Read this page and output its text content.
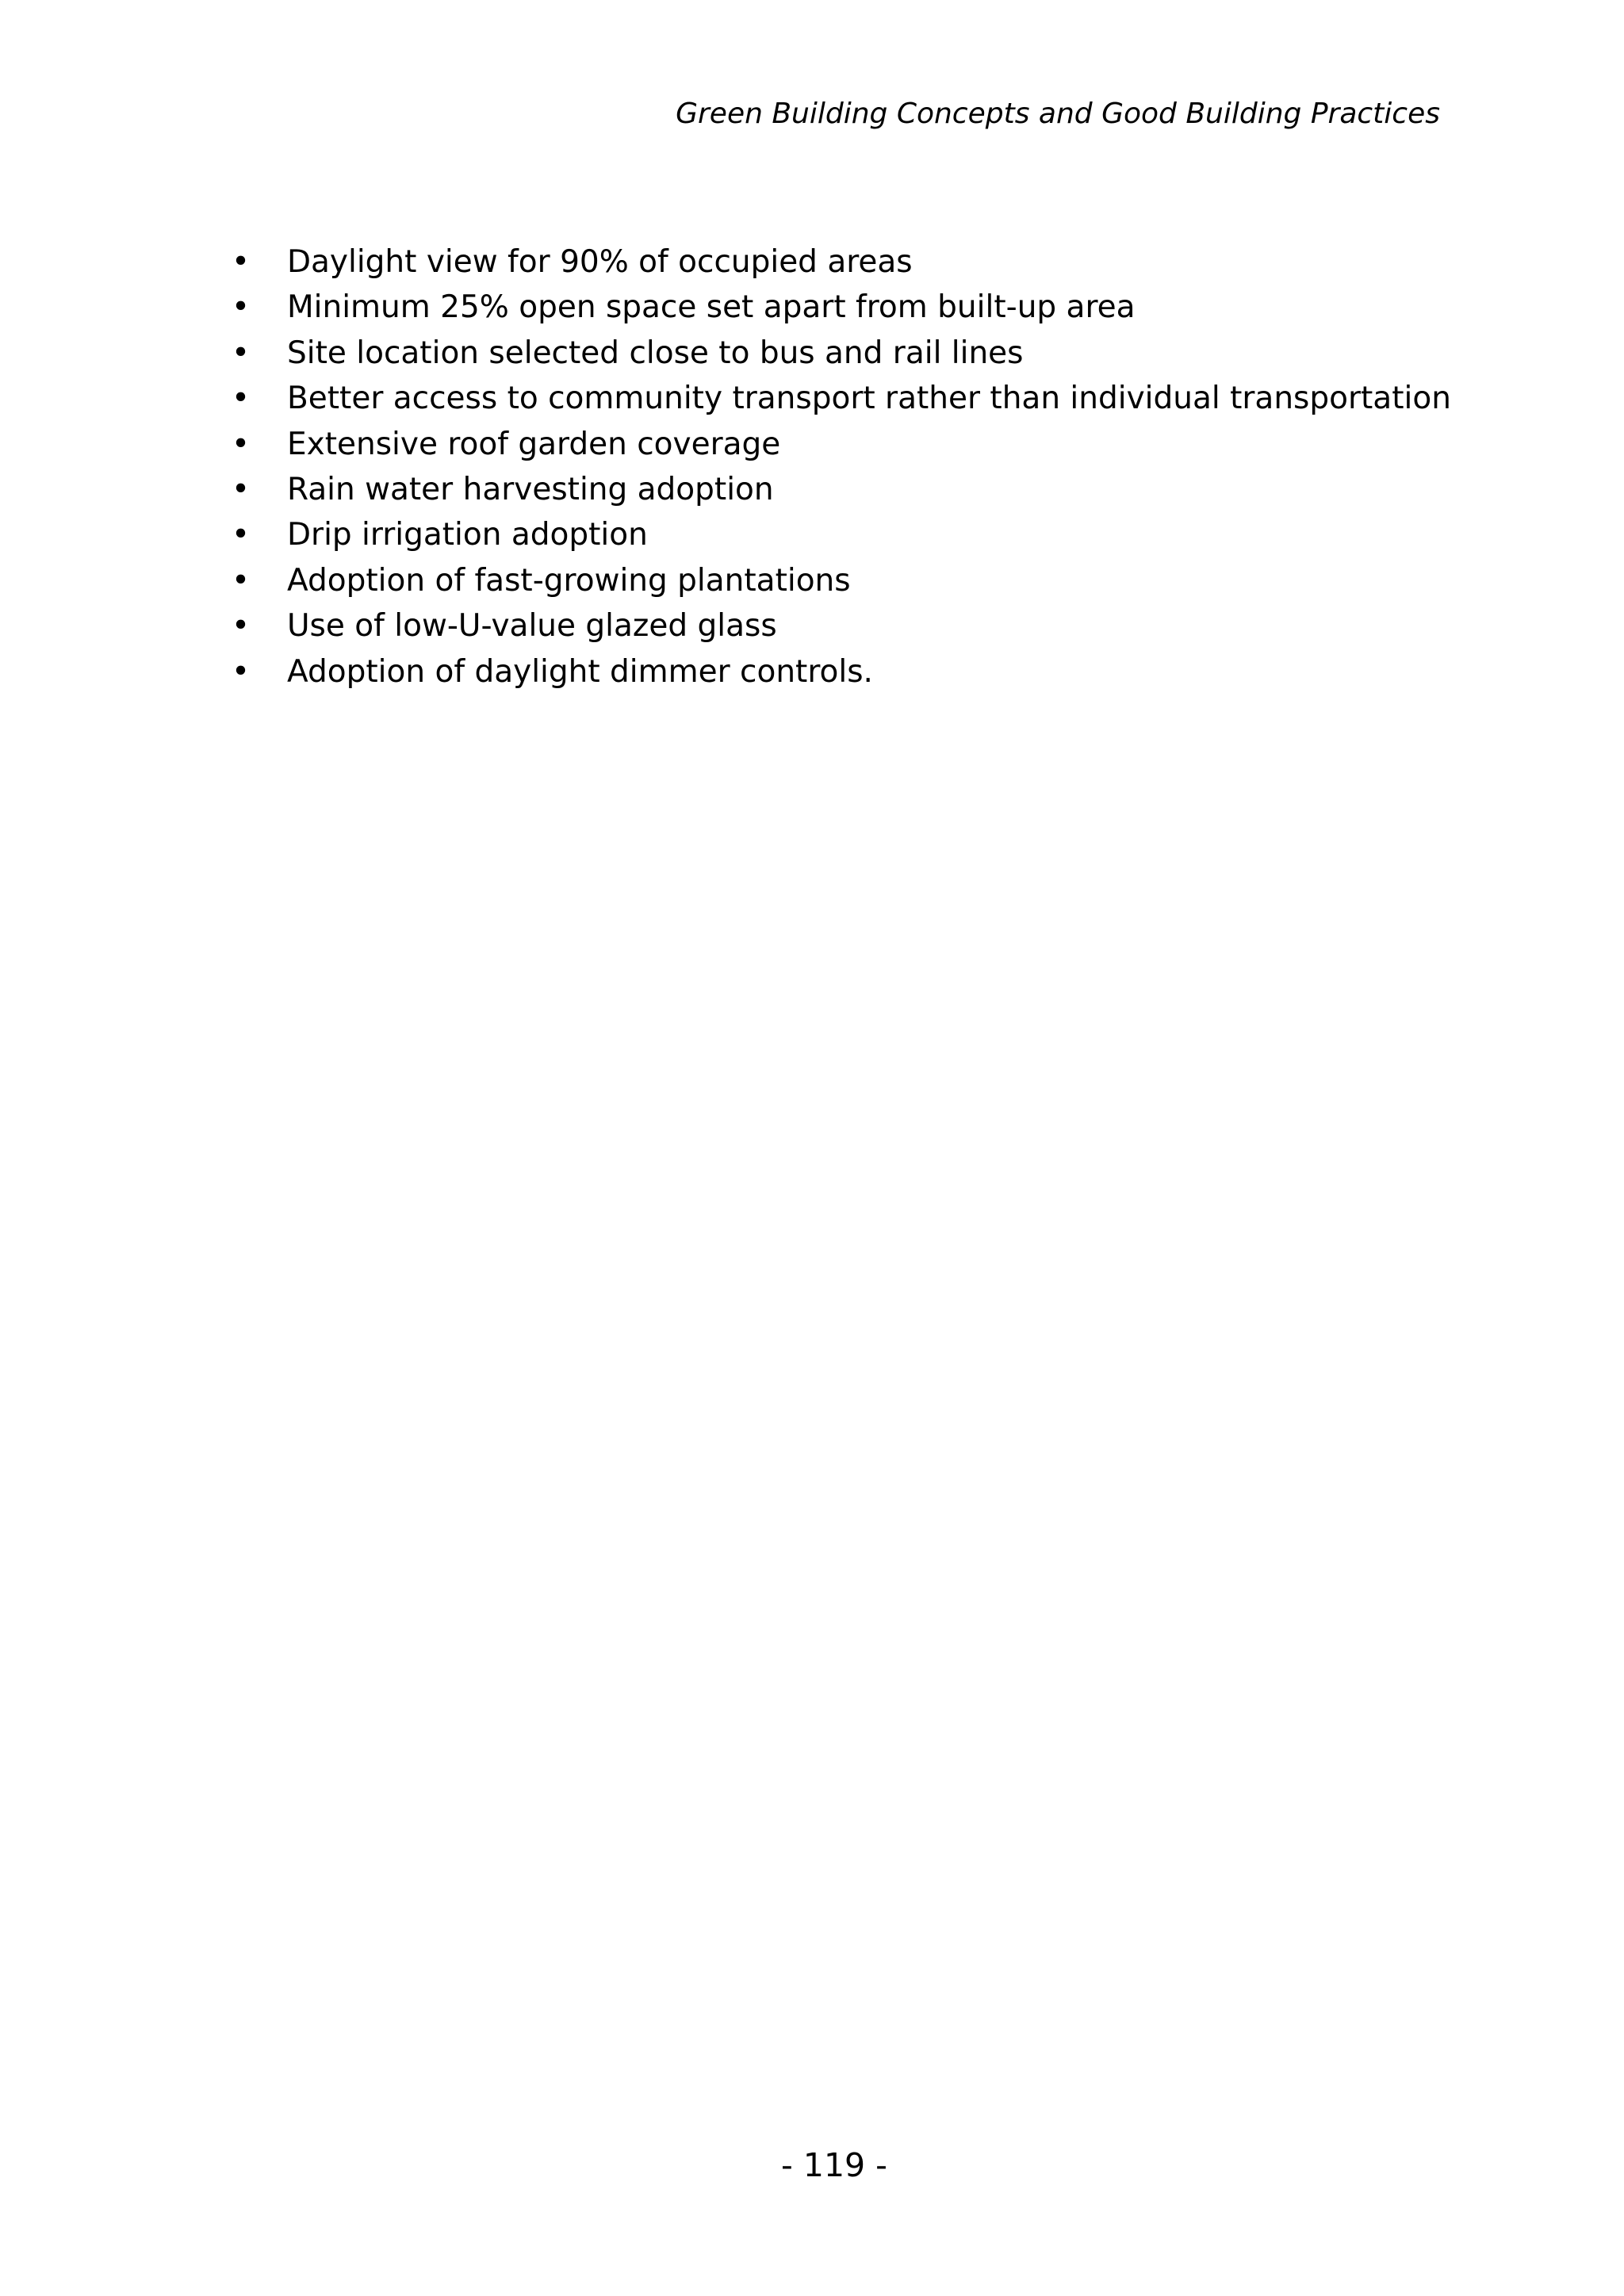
Green Building Concepts and Good Building Practices
• Daylight view for 90% of occupied areas
• Minimum 25% open space set apart from built-up area
• Site location selected close to bus and rail lines
• Better access to community transport rather than individual transportation
• Extensive roof garden coverage
• Rain water harvesting adoption
• Drip irrigation adoption
• Adoption of fast-growing plantations
• Use of low-U-value glazed glass
• Adoption of daylight dimmer controls.
- 119 -
